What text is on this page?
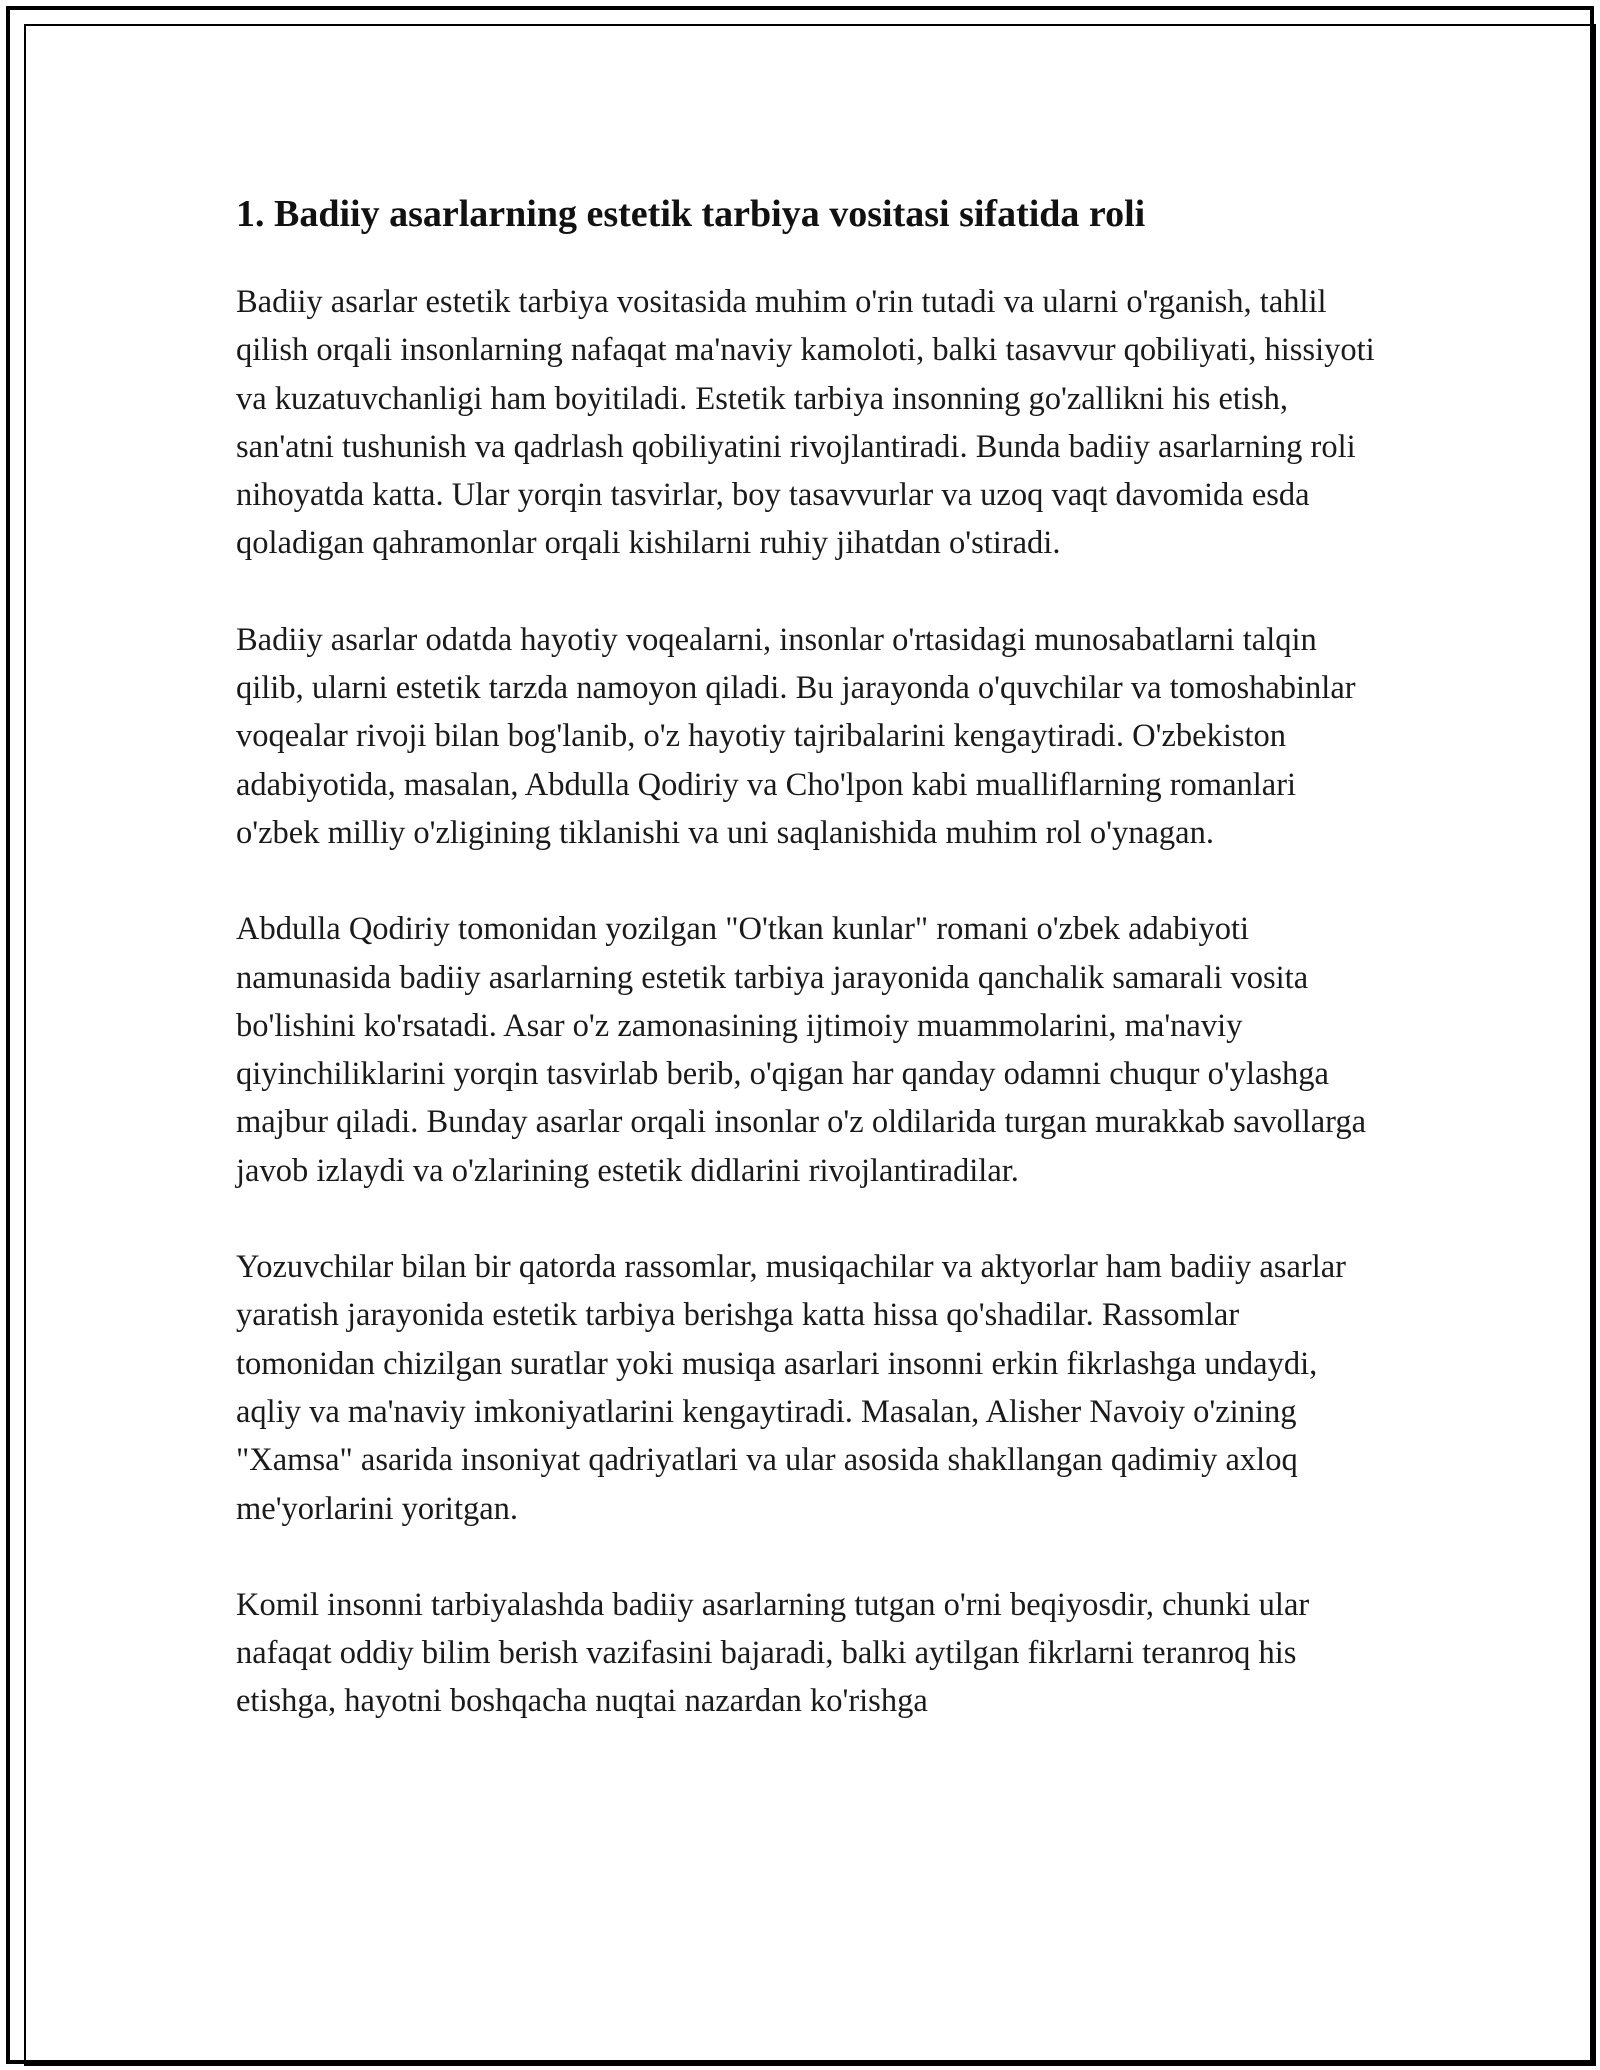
1. Badiiy asarlarning estetik tarbiya vositasi sifatida roli

Badiiy asarlar estetik tarbiya vositasida muhim o'rin tutadi va ularni o'rganish, tahlil qilish orqali insonlarning nafaqat ma'naviy kamoloti, balki tasavvur qobiliyati, hissiyoti va kuzatuvchanligi ham boyitiladi. Estetik tarbiya insonning go'zallikni his etish, san'atni tushunish va qadrlash qobiliyatini rivojlantiradi. Bunda badiiy asarlarning roli nihoyatda katta. Ular yorqin tasvirlar, boy tasavvurlar va uzoq vaqt davomida esda qoladigan qahramonlar orqali kishilarni ruhiy jihatdan o'stiradi.

Badiiy asarlar odatda hayotiy voqealarni, insonlar o'rtasidagi munosabatlarni talqin qilib, ularni estetik tarzda namoyon qiladi. Bu jarayonda o'quvchilar va tomoshabinlar voqealar rivoji bilan bog'lanib, o'z hayotiy tajribalarini kengaytiradi. O'zbekiston adabiyotida, masalan, Abdulla Qodiriy va Cho'lpon kabi mualliflarning romanlari o'zbek milliy o'zligining tiklanishi va uni saqlanishida muhim rol o'ynagan.

Abdulla Qodiriy tomonidan yozilgan "O'tkan kunlar" romani o'zbek adabiyoti namunasida badiiy asarlarning estetik tarbiya jarayonida qanchalik samarali vosita bo'lishini ko'rsatadi. Asar o'z zamonasining ijtimoiy muammolarini, ma'naviy qiyinchiliklarini yorqin tasvirlab berib, o'qigan har qanday odamni chuqur o'ylashga majbur qiladi. Bunday asarlar orqali insonlar o'z oldilarida turgan murakkab savollarga javob izlaydi va o'zlarining estetik didlarini rivojlantiradilar.

Yozuvchilar bilan bir qatorda rassomlar, musiqachilar va aktyorlar ham badiiy asarlar yaratish jarayonida estetik tarbiya berishga katta hissa qo'shadilar. Rassomlar tomonidan chizilgan suratlar yoki musiqa asarlari insonni erkin fikrlashga undaydi, aqliy va ma'naviy imkoniyatlarini kengaytiradi. Masalan, Alisher Navoiy o'zining "Xamsa" asarida insoniyat qadriyatlari va ular asosida shakllangan qadimiy axloq me'yorlarini yoritgan.

Komil insonni tarbiyalashda badiiy asarlarning tutgan o'rni beqiyosdir, chunki ular nafaqat oddiy bilim berish vazifasini bajaradi, balki aytilgan fikrlarni teranroq his etishga, hayotni boshqacha nuqtai nazardan ko'rishga
